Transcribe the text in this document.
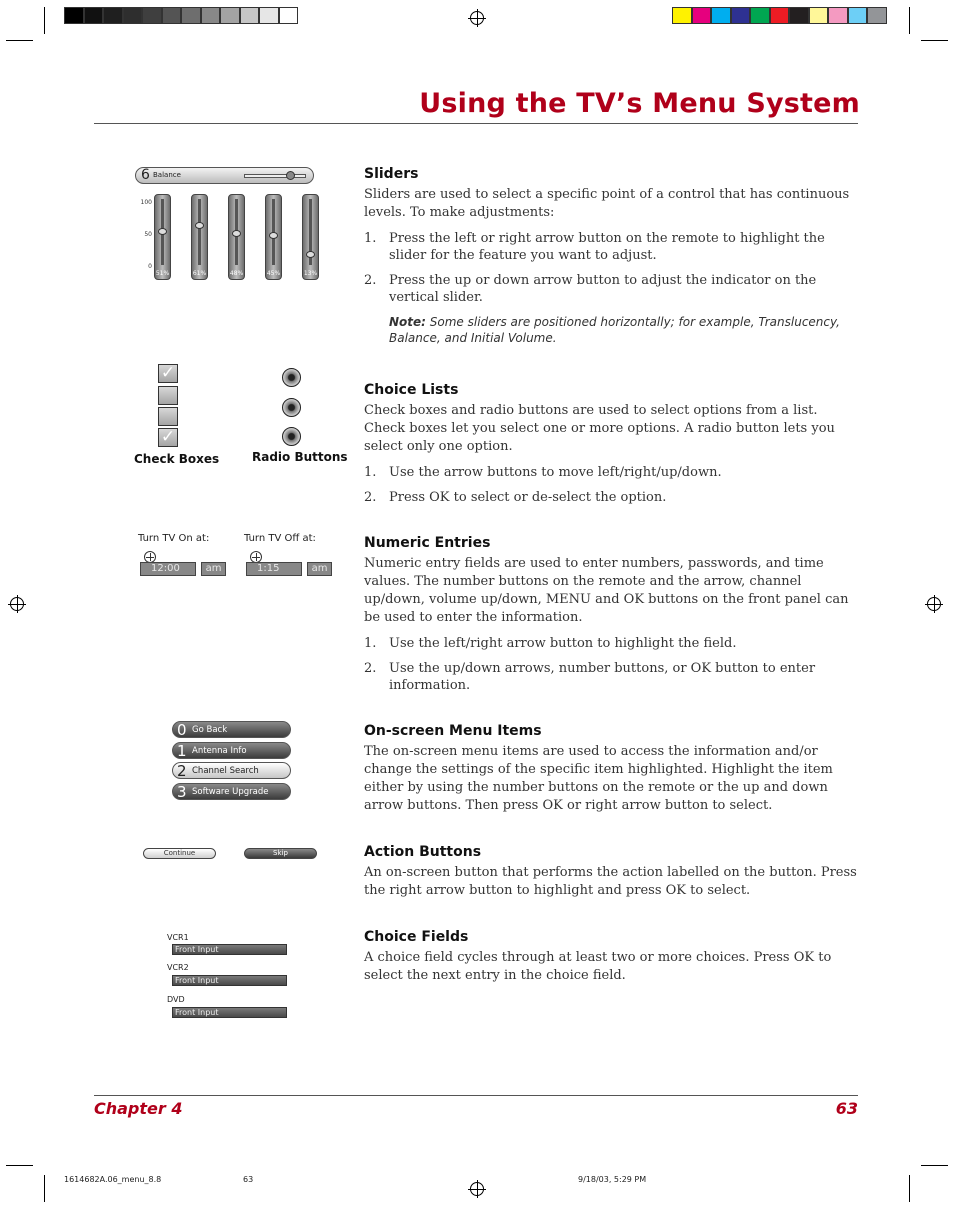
Using the TV’s Menu System
6 Balance
100
50
0
51%	61%	48%	45%	13%
Sliders

Sliders are used to select a specific point of a control that has continuous levels. To make adjustments:

1. Press the left or right arrow button on the remote to highlight the slider for the feature you want to adjust.
2. Press the up or down arrow button to adjust the indicator on the vertical slider.
Note: Some sliders are positioned horizontally; for example, Translucency, Balance, and Initial Volume.
✓
✓
Check Boxes	Radio Buttons
Choice Lists

Check boxes and radio buttons are used to select options from a list. Check boxes let you select one or more options. A radio button lets you select only one option.

1. Use the arrow buttons to move left/right/up/down.
2. Press OK to select or de-select the option.
Turn TV On at:
12:00	am
Turn TV Off at:
1:15	am
Numeric Entries

Numeric entry fields are used to enter numbers, passwords, and time values. The number buttons on the remote and the arrow, channel up/down, volume up/down, MENU and OK buttons on the front panel can be used to enter the information.

1. Use the left/right arrow button to highlight the field.
2. Use the up/down arrows, number buttons, or OK button to enter information.
0 Go Back
1 Antenna Info
2 Channel Search
3 Software Upgrade
On-screen Menu Items

The on-screen menu items are used to access the information and/or change the settings of the specific item highlighted. Highlight the item either by using the number buttons on the remote or the up and down arrow buttons. Then press OK or right arrow button to select.

Continue	Skip	Action Buttons

An on-screen button that performs the action labelled on the button. Press the right arrow button to highlight and press OK to select.

VCR1
Front Input
VCR2
Front Input
DVD
Front Input
Choice Fields

A choice field cycles through at least two or more choices. Press OK to select the next entry in the choice field.

Chapter 4	63
1614682A.06_menu_8.8	63	9/18/03, 5:29 PM
